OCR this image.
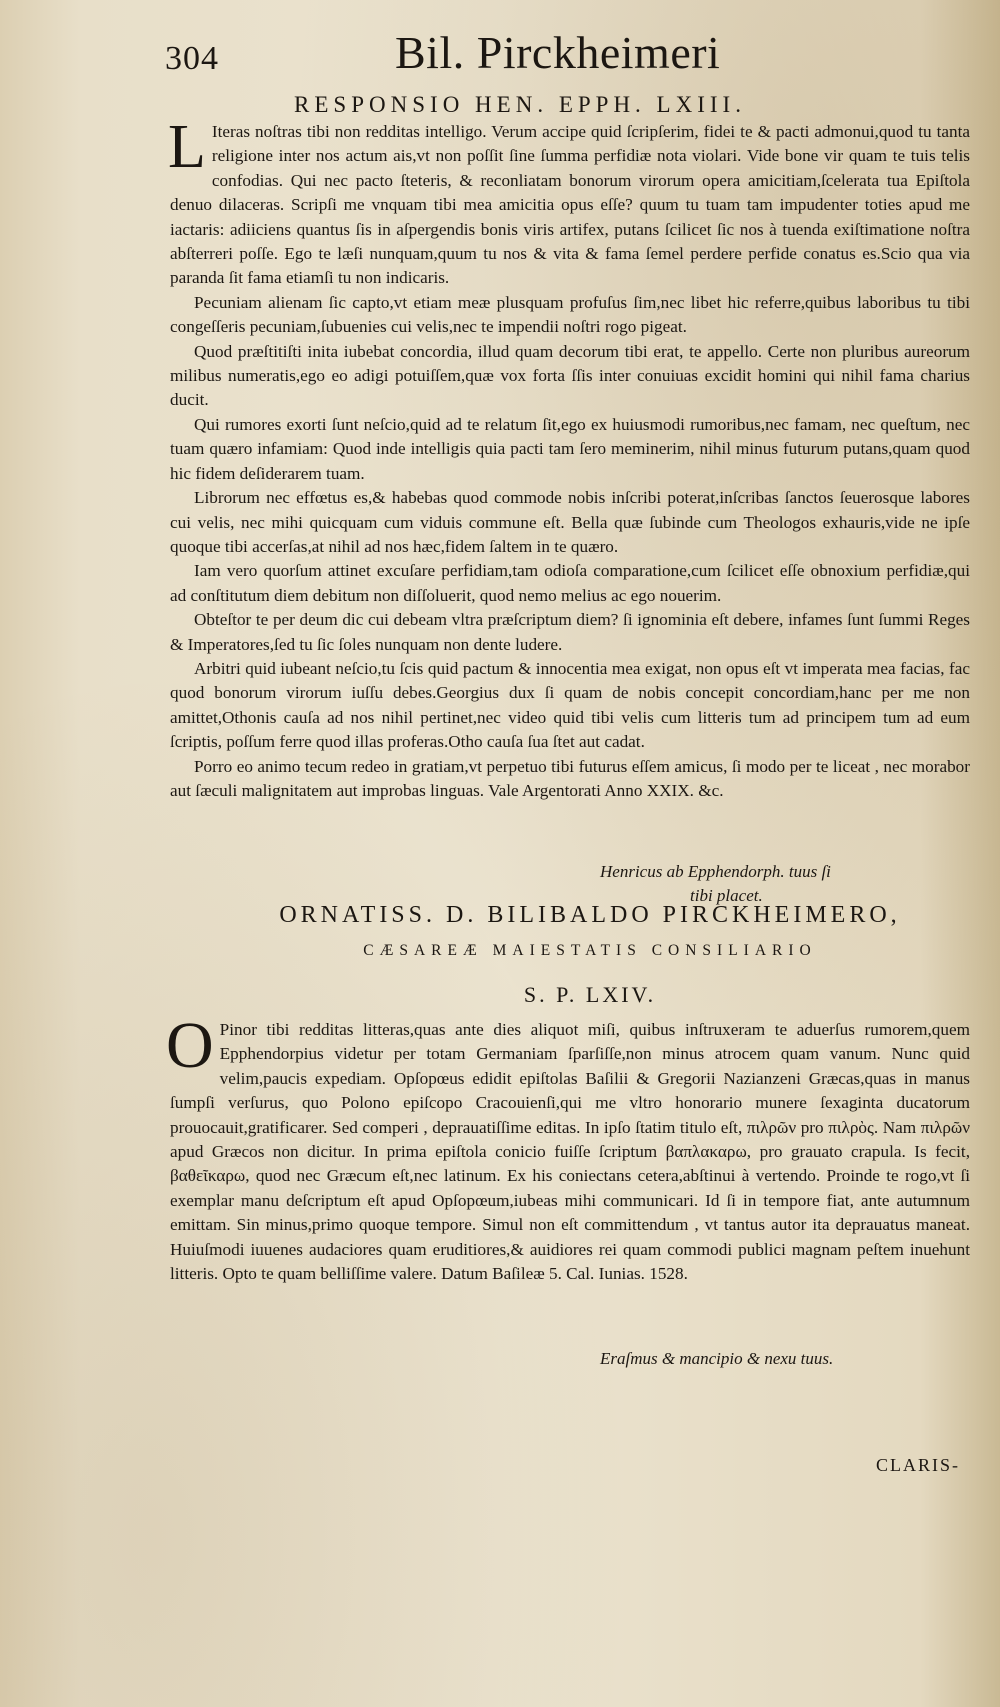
304	Bil. Pirckheimeri
RESPONSIO HEN. EPPH. LXIII.

L Iteras noſtras tibi non redditas intelligo. Verum accipe quid ſcripſerim, fidei te & pacti admonui,quod tu tanta religione inter nos actum ais,vt non poſſit ſine ſumma perfidiæ nota violari. Vide bone vir quam te tuis telis confodias. Qui nec pacto ſteteris, & reconliatam bonorum virorum opera amicitiam,ſcelerata tua Epiſtola denuo dilaceras. Scripſi me vnquam tibi mea amicitia opus eſſe? quum tu tuam tam impudenter toties apud me iactaris: adiiciens quantus ſis in aſpergendis bonis viris artifex, putans ſcilicet ſic nos à tuenda exiſtimatione noſtra abſterreri poſſe. Ego te læſi nunquam,quum tu nos & vita & fama ſemel perdere perfide conatus es.Scio qua via paranda ſit fama etiamſi tu non indicaris.

Pecuniam alienam ſic capto,vt etiam meæ plusquam profuſus ſim,nec libet hic referre,quibus laboribus tu tibi congeſſeris pecuniam,ſubuenies cui velis,nec te impendii noſtri rogo pigeat.

Quod præſtitiſti inita iubebat concordia, illud quam decorum tibi erat, te appello. Certe non pluribus aureorum milibus numeratis,ego eo adigi potuiſſem,quæ vox forta ſſis inter conuiuas excidit homini qui nihil fama charius ducit.

Qui rumores exorti ſunt neſcio,quid ad te relatum ſit,ego ex huiusmodi rumoribus,nec famam, nec queſtum, nec tuam quæro infamiam: Quod inde intelligis quia pacti tam ſero meminerim, nihil minus futurum putans,quam quod hic fidem deſiderarem tuam.

Librorum nec effœtus es,& habebas quod commode nobis inſcribi poterat,inſcribas ſanctos ſeuerosque labores cui velis, nec mihi quicquam cum viduis commune eſt. Bella quæ ſubinde cum Theologos exhauris,vide ne ipſe quoque tibi accerſas,at nihil ad nos hæc,fidem ſaltem in te quæro.

Iam vero quorſum attinet excuſare perfidiam,tam odioſa comparatione,cum ſcilicet eſſe obnoxium perfidiæ,qui ad conſtitutum diem debitum non diſſoluerit, quod nemo melius ac ego nouerim.

Obteſtor te per deum dic cui debeam vltra præſcriptum diem? ſi ignominia eſt debere, infames ſunt ſummi Reges & Imperatores,ſed tu ſic ſoles nunquam non dente ludere.

Arbitri quid iubeant neſcio,tu ſcis quid pactum & innocentia mea exigat, non opus eſt vt imperata mea facias, fac quod bonorum virorum iuſſu debes.Georgius dux ſi quam de nobis concepit concordiam,hanc per me non amittet,Othonis cauſa ad nos nihil pertinet,nec video quid tibi velis cum litteris tum ad principem tum ad eum ſcriptis, poſſum ferre quod illas proferas.Otho cauſa ſua ſtet aut cadat.

Porro eo animo tecum redeo in gratiam,vt perpetuo tibi futurus eſſem amicus, ſi modo per te liceat , nec morabor aut ſæculi malignitatem aut improbas linguas. Vale Argentorati Anno XXIX. &c.

Henricus ab Epphendorph. tuus ſi
tibi placet.
ORNATISS. D. BILIBALDO PIRCKHEIMERO,
CÆSAREÆ MAIESTATIS CONSILIARIO
S. P. LXIV.

O Pinor tibi redditas litteras,quas ante dies aliquot miſi, quibus inſtruxeram te aduerſus rumorem,quem Epphendorpius videtur per totam Germaniam ſparſiſſe,non minus atrocem quam vanum. Nunc quid velim,paucis expediam. Opſopœus edidit epiſtolas Baſilii & Gregorii Nazianzeni Græcas,quas in manus ſumpſi verſurus, quo Polono epiſcopo Cracouienſi,qui me vltro honorario munere ſexaginta ducatorum prouocauit,gratificarer. Sed comperi , deprauatiſſime editas. In ipſo ſtatim titulo eſt, πιλρῶν pro πιλρὸς. Nam πιλρῶν apud Græcos non dicitur. In prima epiſtola conicio fuiſſe ſcriptum βαπλακαρω, pro grauato crapula. Is fecit, βαθεῖκαρω, quod nec Græcum eſt,nec latinum. Ex his coniectans cetera,abſtinui à vertendo. Proinde te rogo,vt ſi exemplar manu deſcriptum eſt apud Opſopœum,iubeas mihi communicari. Id ſi in tempore fiat, ante autumnum emittam. Sin minus,primo quoque tempore. Simul non eſt committendum , vt tantus autor ita deprauatus maneat. Huiuſmodi iuuenes audaciores quam eruditiores,& auidiores rei quam commodi publici magnam peſtem inuehunt litteris. Opto te quam belliſſime valere. Datum Baſileæ 5. Cal. Iunias. 1528.

Eraſmus & mancipio & nexu tuus.
CLARIS-
